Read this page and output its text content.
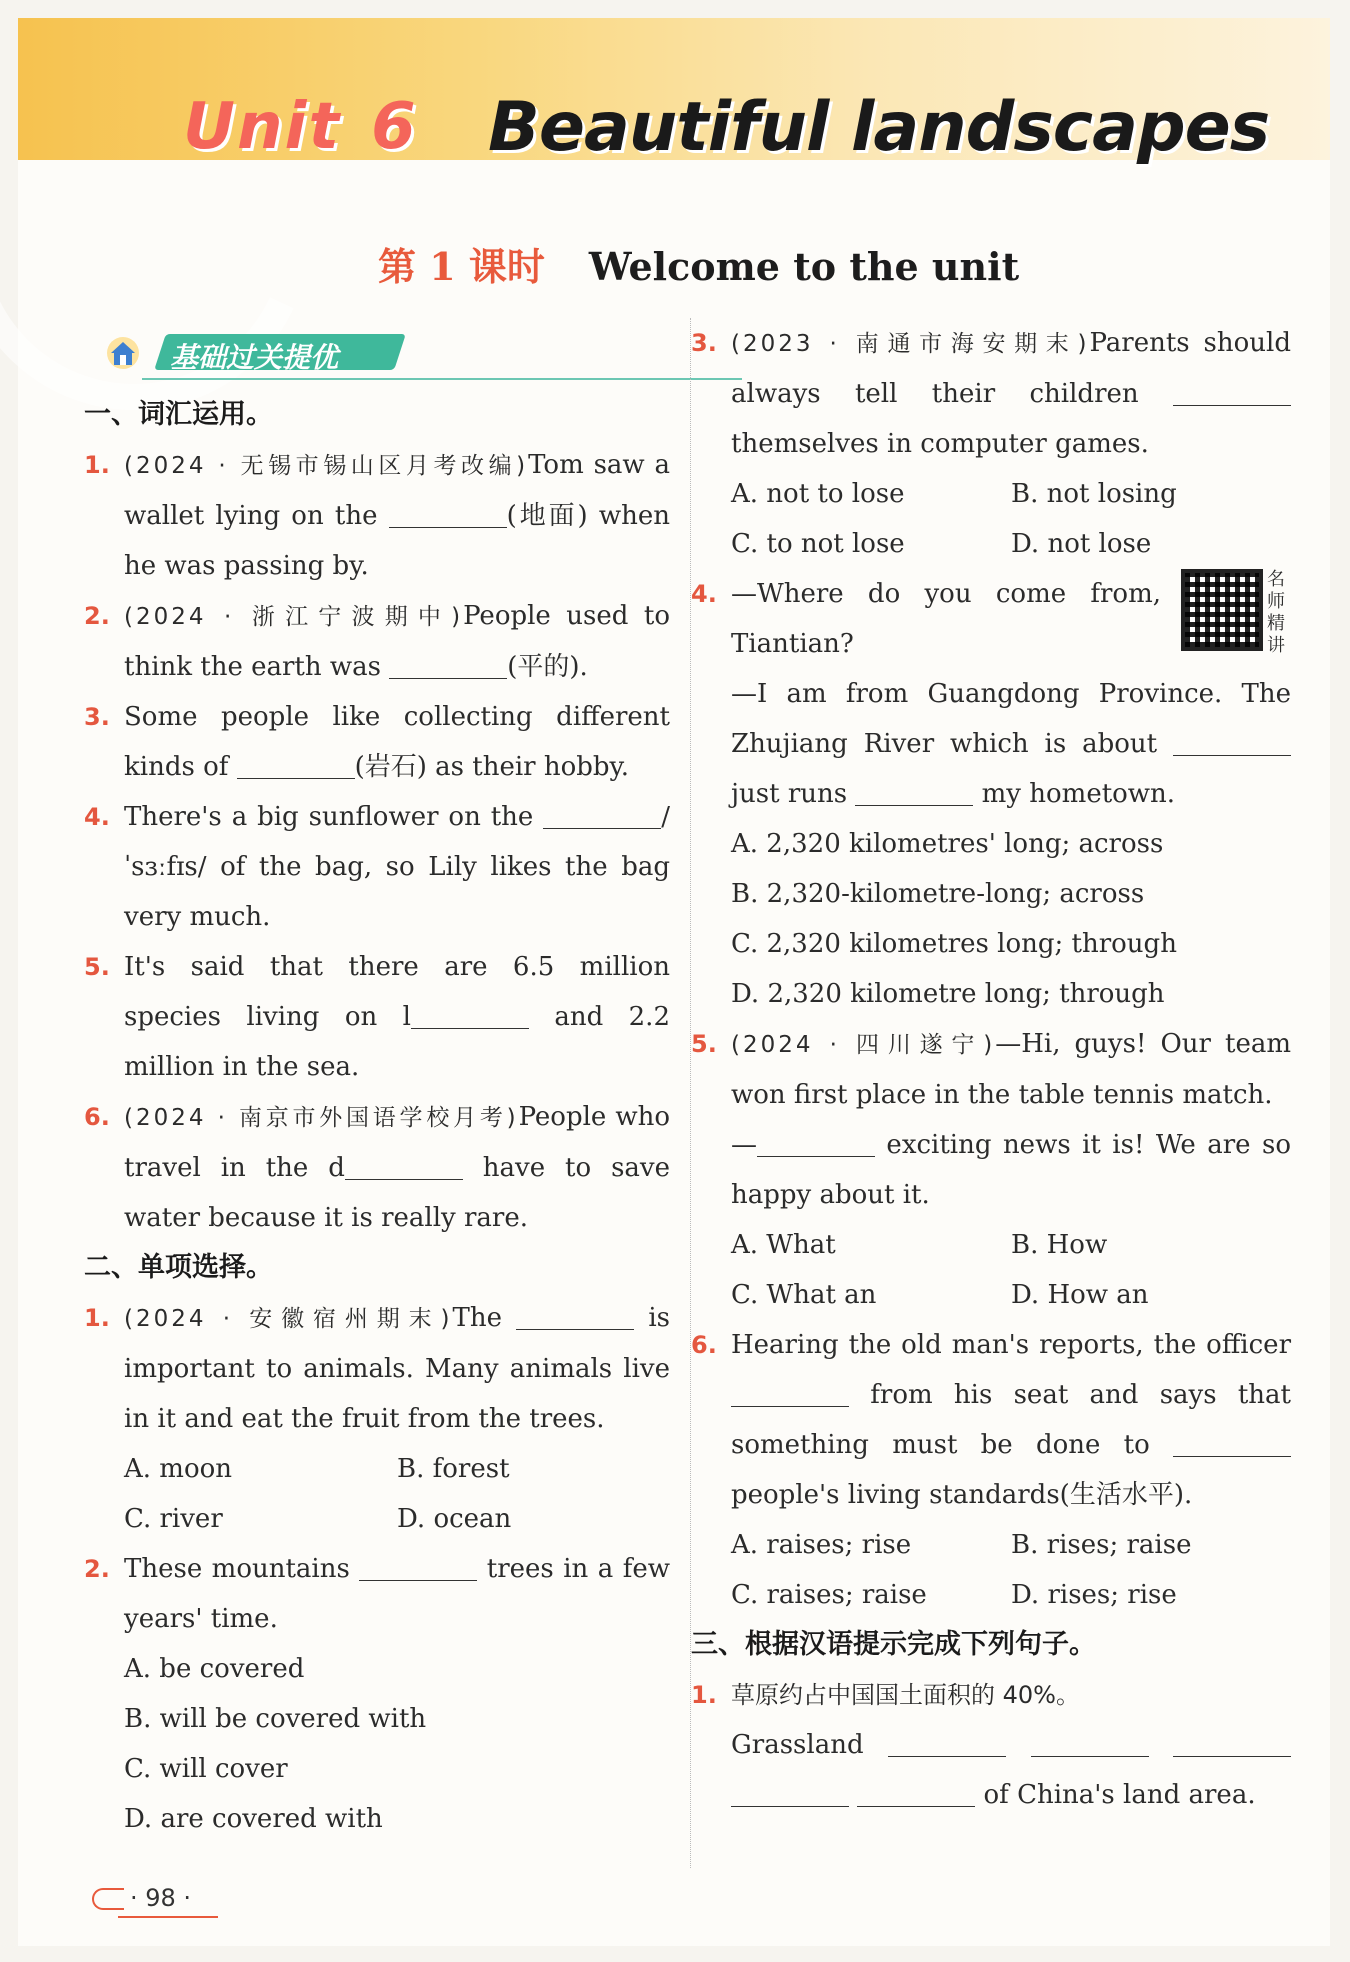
Unit 6 Beautiful landscapes
第 1 课时 Welcome to the unit
基础过关提优

一、词汇运用。

1. (2024 · 无锡市锡山区月考改编)Tom saw a wallet lying on the	(地面) when he was passing by.
2. (2024 · 浙江宁波期中)People used to think the earth was	(平的).
3. Some people like collecting different kinds of	(岩石) as their hobby.
4. There's a big sunflower on the	/ˈsɜːfɪs/ of the bag, so Lily likes the bag very much.
5. It's said that there are 6.5 million species living on l	and 2.2 million in the sea.
6. (2024 · 南京市外国语学校月考)People who travel in the d	have to save water because it is really rare.

二、单项选择。

1. (2024 · 安徽宿州期末)The	is important to animals. Many animals live in it and eat the fruit from the trees.
A. moon	B. forest
C. river	D. ocean
2. These mountains	trees in a few years' time.
A. be covered
B. will be covered with
C. will cover
D. are covered with
3. (2023 · 南通市海安期末)Parents should always tell their children  themselves in computer games.
A. not to lose	B. not losing
C. to not lose	D. not lose
4. —Where do you come from, Tiantian?
名师精讲
—I am from Guangdong Province. The Zhujiang River which is about  just runs	my hometown.
A. 2,320 kilometres' long; across
B. 2,320-kilometre-long; across
C. 2,320 kilometres long; through
D. 2,320 kilometre long; through
5. (2024 · 四川遂宁)—Hi, guys! Our team won first place in the table tennis match.
—	exciting news it is! We are so happy about it.
A. What	B. How
C. What an	D. How an
6. Hearing the old man's reports, the officer  from his seat and says that something must be done to  people's living standards(生活水平).
A. raises; rise	B. rises; raise
C. raises; raise	D. rises; rise

三、根据汉语提示完成下列句子。

1. 草原约占中国国土面积的 40%。
Grassland      of China's land area.
· 98 ·
